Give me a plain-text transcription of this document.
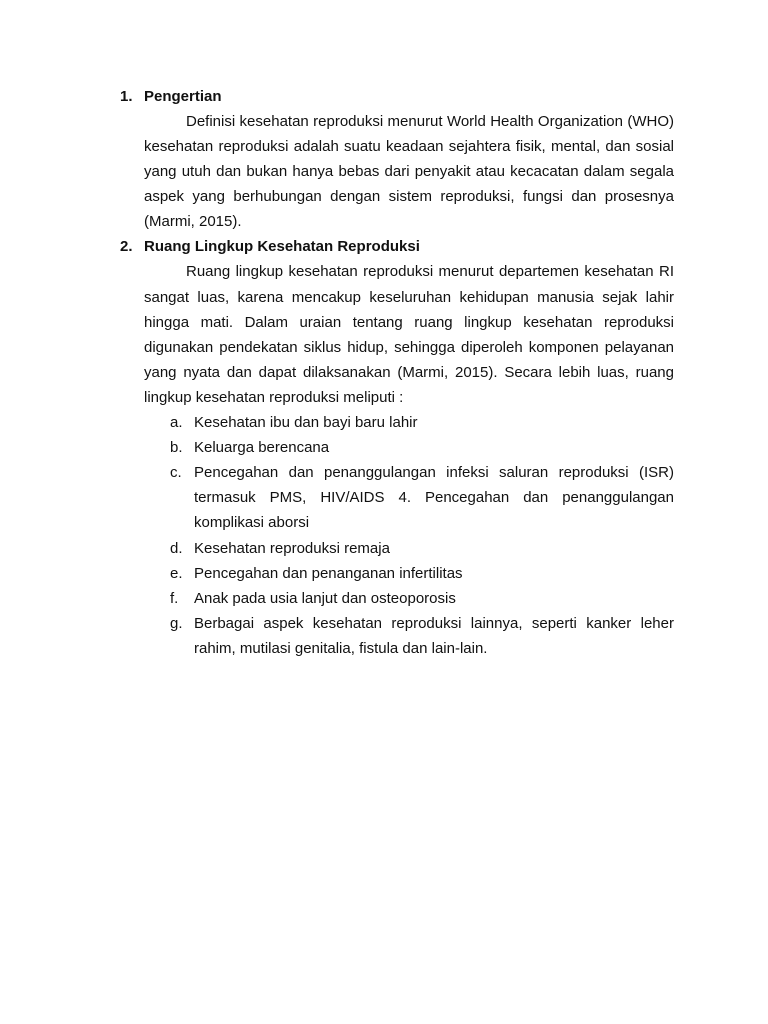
1. Pengertian

Definisi kesehatan reproduksi menurut World Health Organization (WHO) kesehatan reproduksi adalah suatu keadaan sejahtera fisik, mental, dan sosial yang utuh dan bukan hanya bebas dari penyakit atau kecacatan dalam segala aspek yang berhubungan dengan sistem reproduksi, fungsi dan prosesnya (Marmi, 2015).

2. Ruang Lingkup Kesehatan Reproduksi

Ruang lingkup kesehatan reproduksi menurut departemen kesehatan RI sangat luas, karena mencakup keseluruhan kehidupan manusia sejak lahir hingga mati. Dalam uraian tentang ruang lingkup kesehatan reproduksi digunakan pendekatan siklus hidup, sehingga diperoleh komponen pelayanan yang nyata dan dapat dilaksanakan (Marmi, 2015). Secara lebih luas, ruang lingkup kesehatan reproduksi meliputi :

a. Kesehatan ibu dan bayi baru lahir
b. Keluarga berencana
c. Pencegahan dan penanggulangan infeksi saluran reproduksi (ISR) termasuk PMS, HIV/AIDS 4. Pencegahan dan penanggulangan komplikasi aborsi
d. Kesehatan reproduksi remaja
e. Pencegahan dan penanganan infertilitas
f. Anak pada usia lanjut dan osteoporosis
g. Berbagai aspek kesehatan reproduksi lainnya, seperti kanker leher rahim, mutilasi genitalia, fistula dan lain-lain.
